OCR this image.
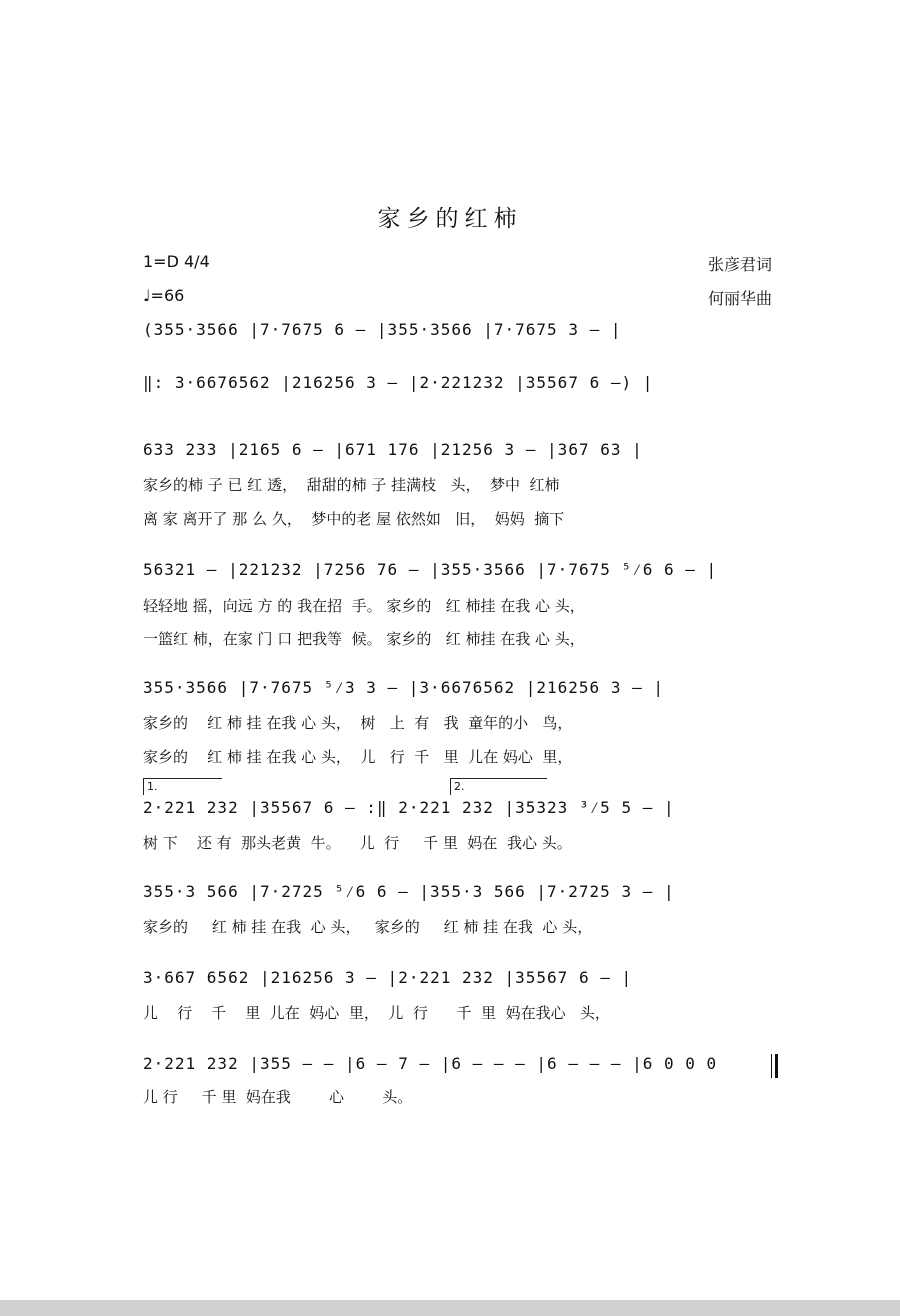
家乡的红柿
1=D 4/4
♩=66
张彦君词
何丽华曲
(355·3566 |7·7675 6 – |355·3566 |7·7675 3 – |
‖: 3·6676562 |216256 3 – |2·221232 |35567 6 –) |
633 233 |2165 6 – |671 176 |21256 3 – |367 63 |
家乡的柿 子 已 红 透，  甜甜的柿 子 挂满枝   头，  梦中  红柿
离 家 离开了 那 么 久，  梦中的老 屋 依然如   旧，  妈妈  摘下
56321 – |221232 |7256 76 – |355·3566 |7·7675 ⁵⁄6 6 – |
轻轻地 摇，向远 方 的 我在招  手。 家乡的   红 柿挂 在我 心 头，
一篮红 柿，在家 门 口 把我等  候。 家乡的   红 柿挂 在我 心 头，
355·3566 |7·7675 ⁵⁄3 3 – |3·6676562 |216256 3 – |
家乡的    红 柿 挂 在我 心 头，  树   上  有   我  童年的小   鸟，
家乡的    红 柿 挂 在我 心 头，  儿   行  千   里  儿在 妈心  里，
1.	2.
2·221 232 |35567 6 – :‖ 2·221 232 |35323 ³⁄5 5 – |
树 下    还 有  那头老黄  牛。    儿  行     千 里  妈在  我心 头。
355·3 566 |7·2725 ⁵⁄6 6 – |355·3 566 |7·2725 3 – |
家乡的     红 柿 挂 在我  心 头，   家乡的     红 柿 挂 在我  心 头，
3·667 6562 |216256 3 – |2·221 232 |35567 6 – |
儿    行    千    里  儿在  妈心  里，  儿  行      千  里  妈在我心   头，
2·221 232 |355 – – |6 – 7 – |6 – – – |6 – – – |6 0 0 0
儿 行     千 里  妈在我        心        头。
